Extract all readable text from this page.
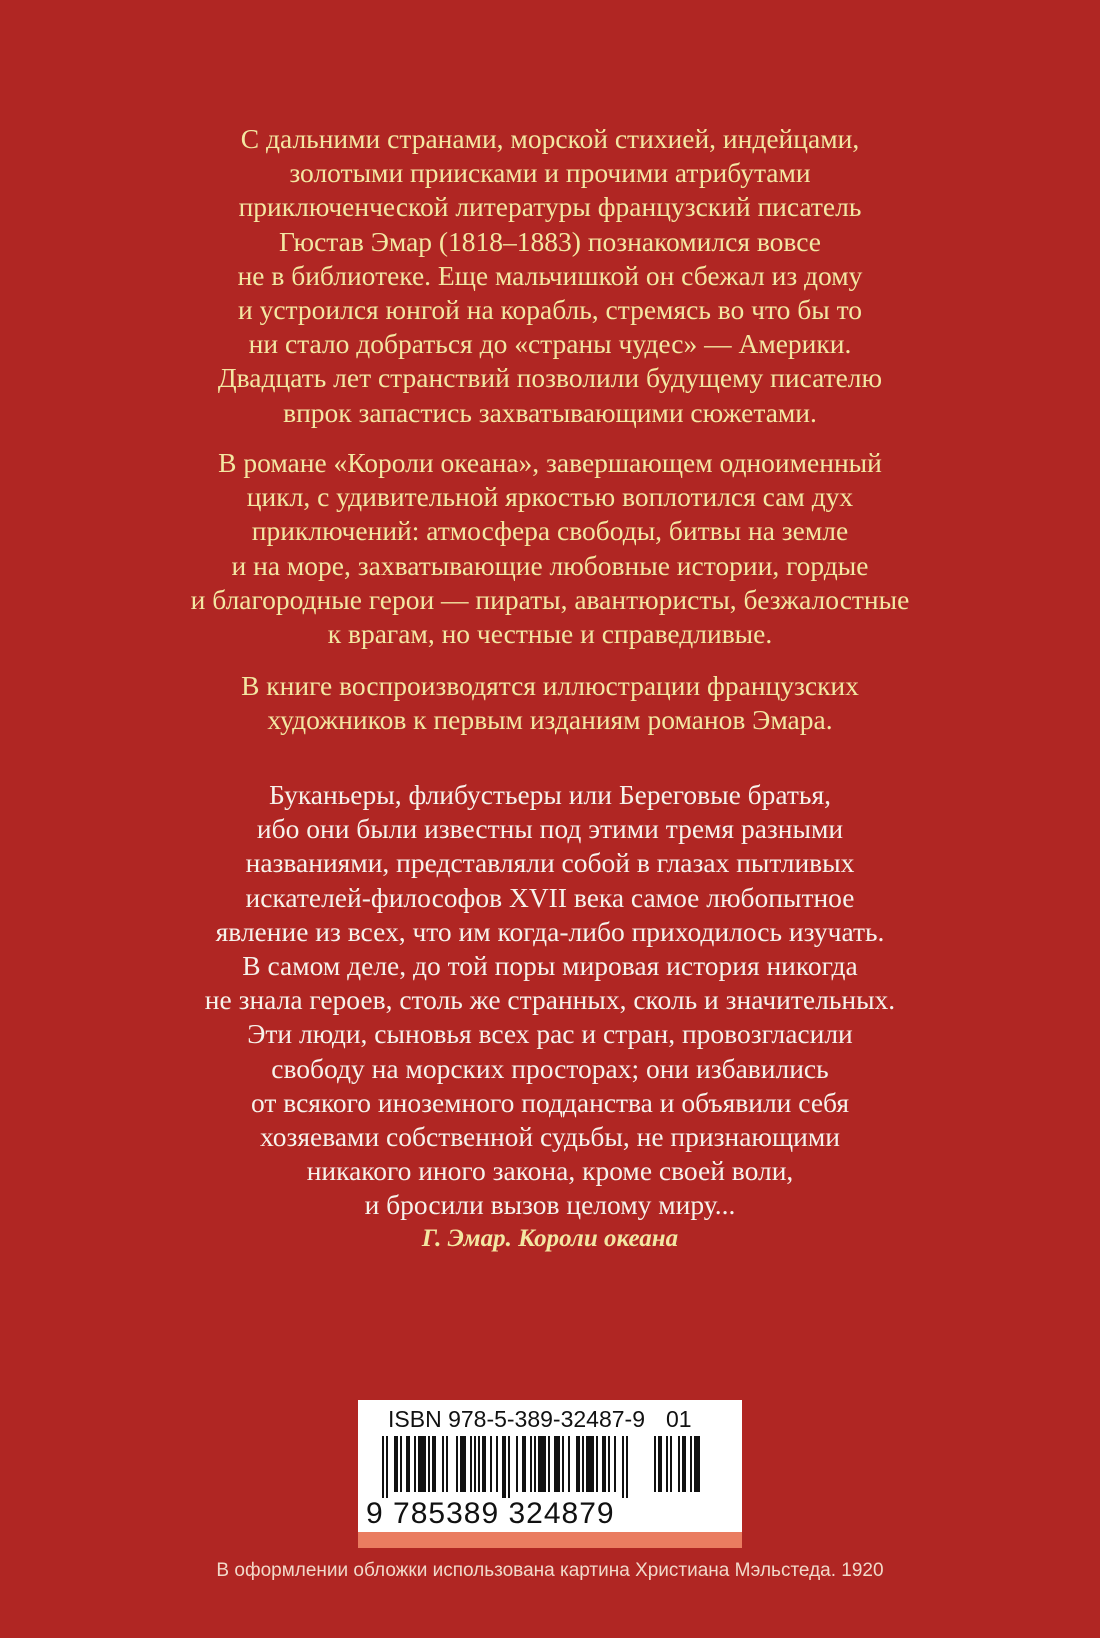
С дальними странами, морской стихией, индейцами,
золотыми приисками и прочими атрибутами
приключенческой литературы французский писатель
Гюстав Эмар (1818–1883) познакомился вовсе
не в библиотеке. Еще мальчишкой он сбежал из дому
и устроился юнгой на корабль, стремясь во что бы то
ни стало добраться до «страны чудес» — Америки.
Двадцать лет странствий позволили будущему писателю
впрок запастись захватывающими сюжетами.

В романе «Короли океана», завершающем одноименный
цикл, с удивительной яркостью воплотился сам дух
приключений: атмосфера свободы, битвы на земле
и на море, захватывающие любовные истории, гордые
и благородные герои — пираты, авантюристы, безжалостные
к врагам, но честные и справедливые.

В книге воспроизводятся иллюстрации французских
художников к первым изданиям романов Эмара.

Буканьеры, флибустьеры или Береговые братья,
ибо они были известны под этими тремя разными
названиями, представляли собой в глазах пытливых
искателей-философов XVII века самое любопытное
явление из всех, что им когда-либо приходилось изучать.
В самом деле, до той поры мировая история никогда
не знала героев, столь же странных, сколь и значительных.
Эти люди, сыновья всех рас и стран, провозгласили
свободу на морских просторах; они избавились
от всякого иноземного подданства и объявили себя
хозяевами собственной судьбы, не признающими
никакого иного закона, кроме своей воли,
и бросили вызов целому миру...

Г. Эмар. Короли океана
ISBN 978-5-389-32487-9 01
9 785389 324879
В оформлении обложки использована картина Христиана Мэльстеда. 1920
